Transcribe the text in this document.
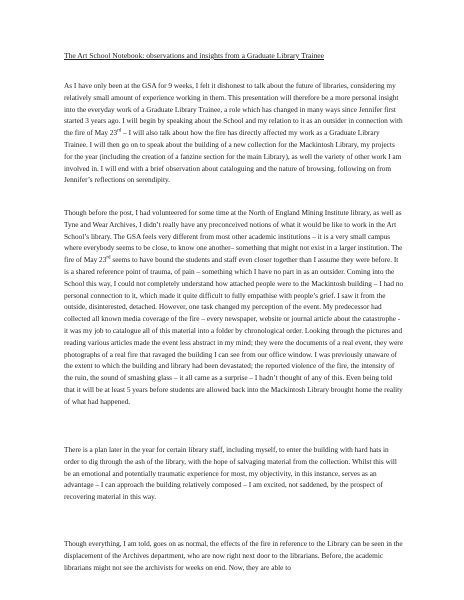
The Art School Notebook: observations and insights from a Graduate Library Trainee

As I have only been at the GSA for 9 weeks, I felt it dishonest to talk about the future of libraries, considering my relatively small amount of experience working in them. This presentation will therefore be a more personal insight into the everyday work of a Graduate Library Trainee, a role which has changed in many ways since Jennifer first started 3 years ago. I will begin by speaking about the School and my relation to it as an outsider in connection with the fire of May 23rd – I will also talk about how the fire has directly affected my work as a Graduate Library Trainee. I will then go on to speak about the building of a new collection for the Mackintosh Library, my projects for the year (including the creation of a fanzine section for the main Library), as well the variety of other work I am involved in. I will end with a brief observation about cataloguing and the nature of browsing, following on from Jennifer’s reflections on serendipity.

Though before the post, I had volunteered for some time at the North of England Mining Institute library, as well as Tyne and Wear Archives, I didn’t really have any preconceived notions of what it would be like to work in the Art School’s library. The GSA feels very different from most other academic institutions – it is a very small campus where everybody seems to be close, to know one another– something that might not exist in a larger institution. The fire of May 23rd seems to have bound the students and staff even closer together than I assume they were before. It is a shared reference point of trauma, of pain – something which I have no part in as an outsider. Coming into the School this way, I could not completely understand how attached people were to the Mackintosh building – I had no personal connection to it, which made it quite difficult to fully empathise with people’s grief. I saw it from the outside, disinterested, detached. However, one task changed my perception of the event. My predecessor had collected all known media coverage of the fire – every newspaper, website or journal article about the catastrophe - it was my job to catalogue all of this material into a folder by chronological order. Looking through the pictures and reading various articles made the event less abstract in my mind; they were the documents of a real event, they were photographs of a real fire that ravaged the building I can see from our office window. I was previously unaware of the extent to which the building and library had been devastated; the reported violence of the fire, the intensity of the ruin, the sound of smashing glass – it all came as a surprise – I hadn’t thought of any of this. Even being told that it will be at least 5 years before students are allowed back into the Mackintosh Library brought home the reality of what had happened.

There is a plan later in the year for certain library staff, including myself, to enter the building with hard hats in order to dig through the ash of the library, with the hope of salvaging material from the collection. Whilst this will be an emotional and potentially traumatic experience for most, my objectivity, in this instance, serves as an advantage – I can approach the building relatively composed – I am excited, not saddened, by the prospect of recovering material in this way.

Though everything, I am told, goes on as normal, the effects of the fire in reference to the Library can be seen in the displacement of the Archives department, who are now right next door to the librarians. Before, the academic librarians might not see the archivists for weeks on end. Now, they are able to
